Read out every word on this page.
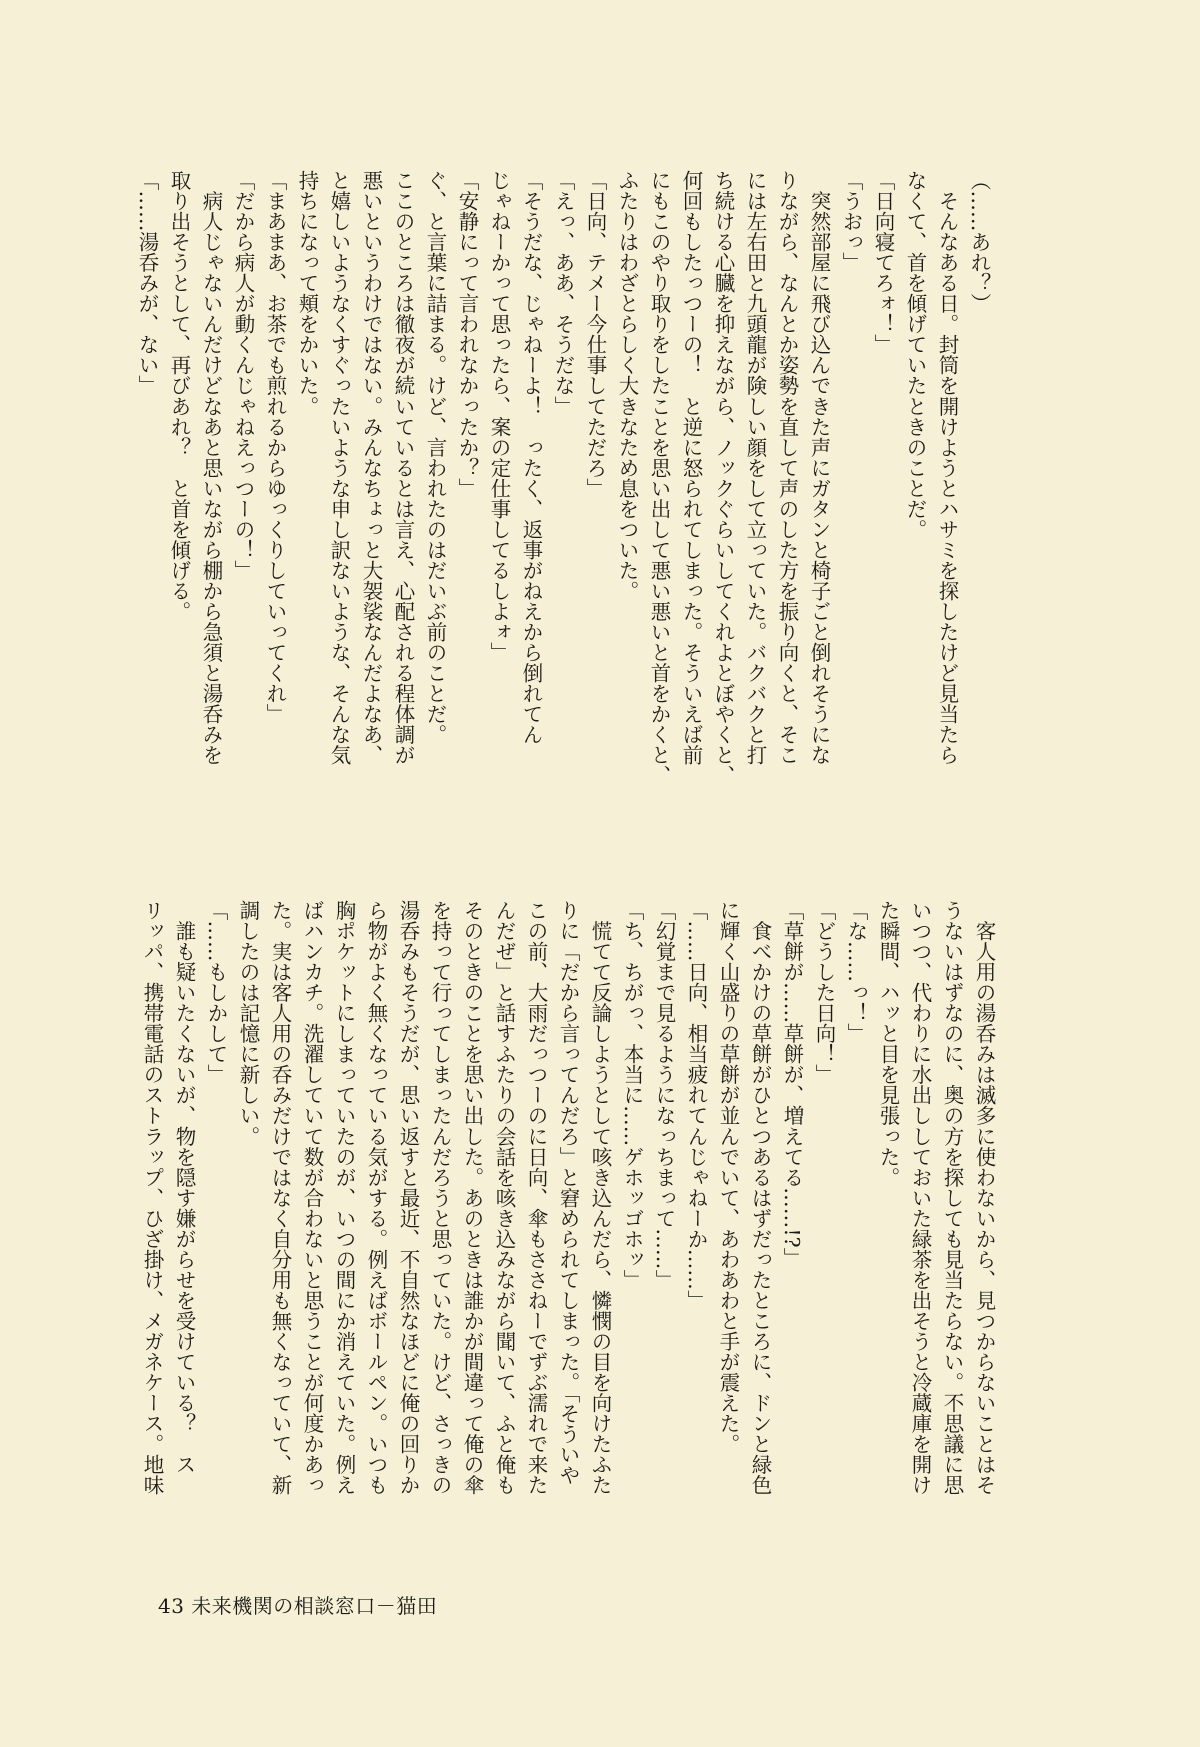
（……あれ？）
　そんなある日。封筒を開けようとハサミを探したけど見当たら
なくて、首を傾げていたときのことだ。
「日向寝てろォ！」
「うおっ」
　突然部屋に飛び込んできた声にガタンと椅子ごと倒れそうにな
りながら、なんとか姿勢を直して声のした方を振り向くと、そこ
には左右田と九頭龍が険しい顔をして立っていた。バクバクと打
ち続ける心臓を抑えながら、ノックぐらいしてくれよとぼやくと、
何回もしたっつーの！　と逆に怒られてしまった。そういえば前
にもこのやり取りをしたことを思い出して悪い悪いと首をかくと、
ふたりはわざとらしく大きなため息をついた。
「日向、テメー今仕事してただろ」
「えっ、ああ、そうだな」
「そうだな、じゃねーよ！　ったく、返事がねえから倒れてん
じゃねーかって思ったら、案の定仕事してるしよォ」
「安静にって言われなかったか？」
ぐ、と言葉に詰まる。けど、言われたのはだいぶ前のことだ。
ここのところは徹夜が続いているとは言え、心配される程体調が
悪いというわけではない。みんなちょっと大袈裟なんだよなあ、
と嬉しいようなくすぐったいような申し訳ないような、そんな気
持ちになって頬をかいた。
「まあまあ、お茶でも煎れるからゆっくりしていってくれ」
「だから病人が動くんじゃねえっつーの！」
　病人じゃないんだけどなあと思いながら棚から急須と湯呑みを
取り出そうとして、再びあれ？　と首を傾げる。
「……湯呑みが、ない」
　客人用の湯呑みは滅多に使わないから、見つからないことはそ
うないはずなのに、奥の方を探しても見当たらない。不思議に思
いつつ、代わりに水出ししておいた緑茶を出そうと冷蔵庫を開け
た瞬間、ハッと目を見張った。
「な……っ！」
「どうした日向！」
「草餅が……草餅が、増えてる……!?」
　食べかけの草餅がひとつあるはずだったところに、ドンと緑色
に輝く山盛りの草餅が並んでいて、あわあわと手が震えた。
「……日向、相当疲れてんじゃねーか……」
「幻覚まで見るようになっちまって……」
「ち、ちがっ、本当に……ゲホッゴホッ」
　慌てて反論しようとして咳き込んだら、憐憫の目を向けたふた
りに「だから言ってんだろ」と窘められてしまった。「そういや
この前、大雨だっつーのに日向、傘もささねーでずぶ濡れで来た
んだぜ」と話すふたりの会話を咳き込みながら聞いて、ふと俺も
そのときのことを思い出した。あのときは誰かが間違って俺の傘
を持って行ってしまったんだろうと思っていた。けど、さっきの
湯呑みもそうだが、思い返すと最近、不自然なほどに俺の回りか
ら物がよく無くなっている気がする。例えばボールペン。いつも
胸ポケットにしまっていたのが、いつの間にか消えていた。例え
ばハンカチ。洗濯していて数が合わないと思うことが何度かあっ
た。実は客人用の呑みだけではなく自分用も無くなっていて、新
調したのは記憶に新しい。
「……もしかして」
　誰も疑いたくないが、物を隠す嫌がらせを受けている？　ス
リッパ、携帯電話のストラップ、ひざ掛け、メガネケース。地味
43 未来機関の相談窓口－猫田
